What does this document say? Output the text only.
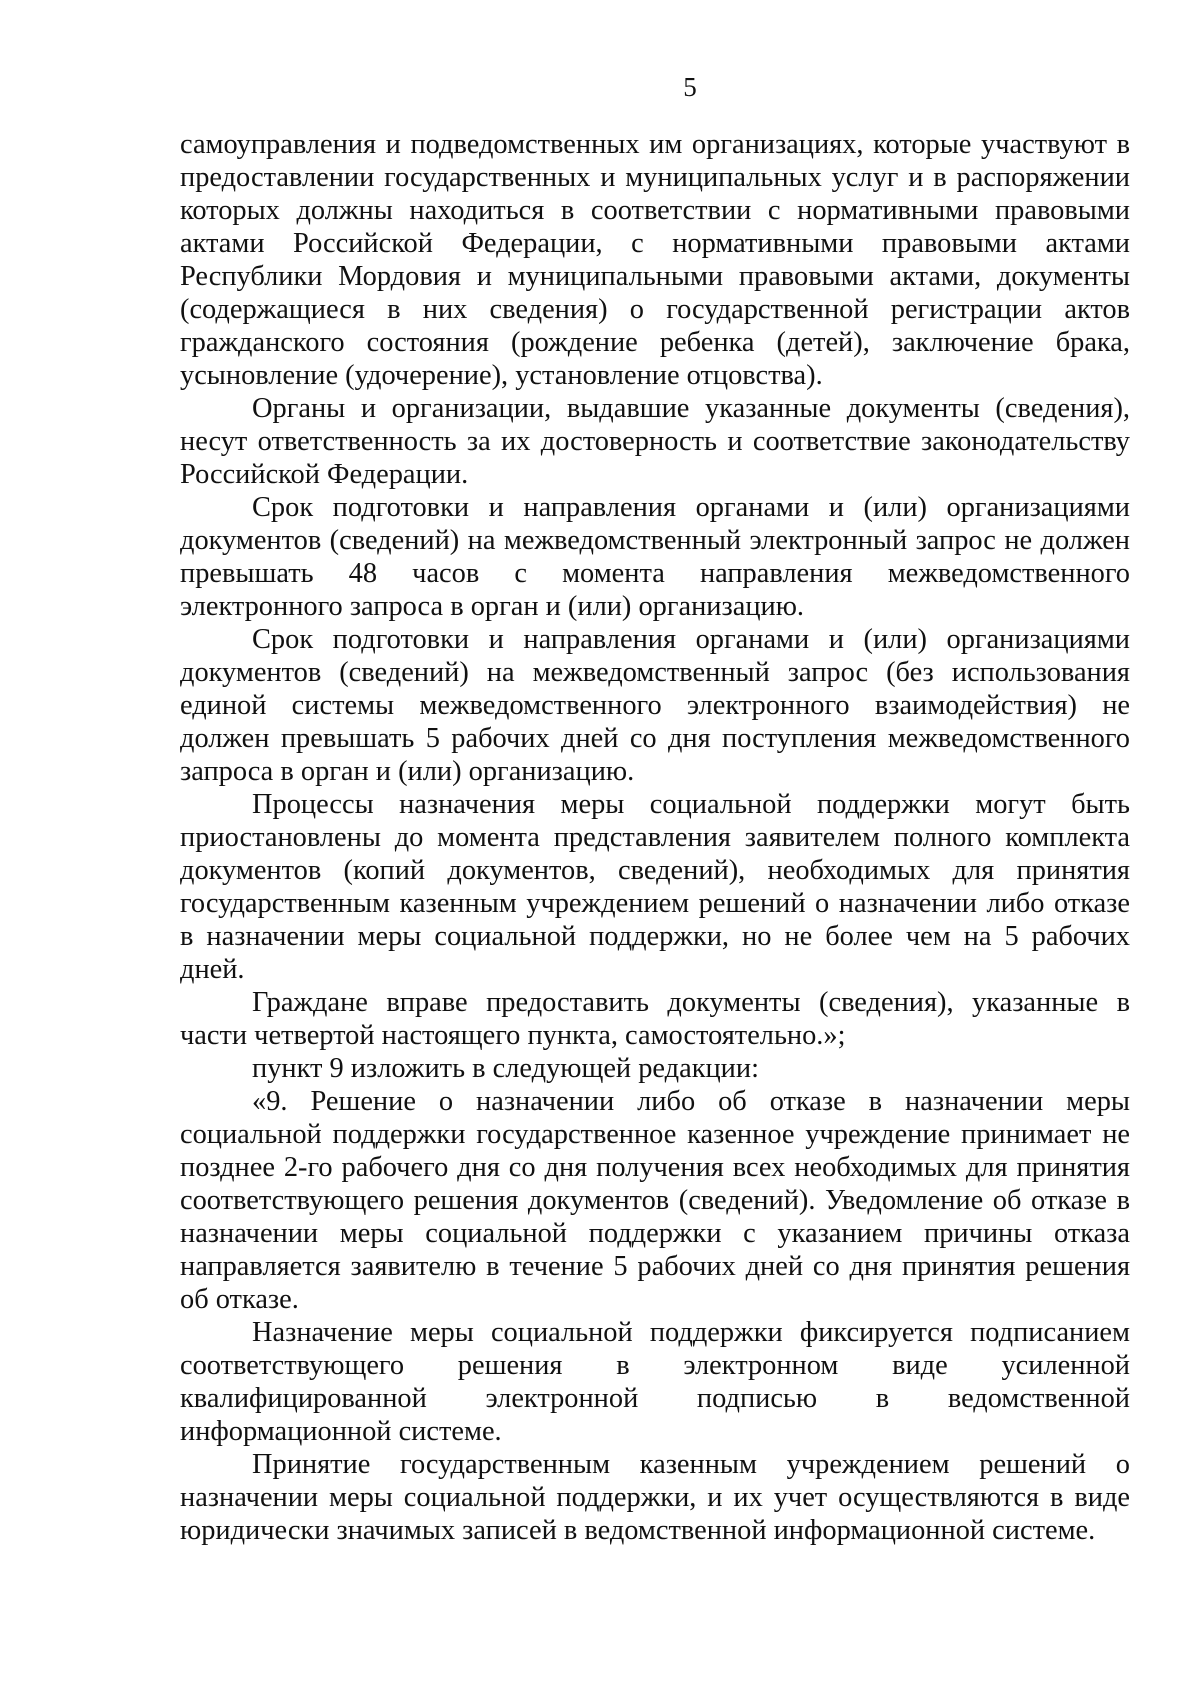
5

самоуправления и подведомственных им организациях, которые участвуют в предоставлении государственных и муниципальных услуг и в распоряжении которых должны находиться в соответствии с нормативными правовыми актами Российской Федерации, с нормативными правовыми актами Республики Мордовия и муниципальными правовыми актами, документы (содержащиеся в них сведения) о государственной регистрации актов гражданского состояния (рождение ребенка (детей), заключение брака, усыновление (удочерение), установление отцовства).

Органы и организации, выдавшие указанные документы (сведения), несут ответственность за их достоверность и соответствие законодательству Российской Федерации.

Срок подготовки и направления органами и (или) организациями документов (сведений) на межведомственный электронный запрос не должен превышать 48 часов с момента направления межведомственного электронного запроса в орган и (или) организацию.

Срок подготовки и направления органами и (или) организациями документов (сведений) на межведомственный запрос (без использования единой системы межведомственного электронного взаимодействия) не должен превышать 5 рабочих дней со дня поступления межведомственного запроса в орган и (или) организацию.

Процессы назначения меры социальной поддержки могут быть приостановлены до момента представления заявителем полного комплекта документов (копий документов, сведений), необходимых для принятия государственным казенным учреждением решений о назначении либо отказе в назначении меры социальной поддержки, но не более чем на 5 рабочих дней.

Граждане вправе предоставить документы (сведения), указанные в части четвертой настоящего пункта, самостоятельно.»;

пункт 9 изложить в следующей редакции:

«9. Решение о назначении либо об отказе в назначении меры социальной поддержки государственное казенное учреждение принимает не позднее 2-го рабочего дня со дня получения всех необходимых для принятия соответствующего решения документов (сведений). Уведомление об отказе в назначении меры социальной поддержки с указанием причины отказа направляется заявителю в течение 5 рабочих дней со дня принятия решения об отказе.

Назначение меры социальной поддержки фиксируется подписанием соответствующего решения в электронном виде усиленной квалифицированной электронной подписью в ведомственной информационной системе.

Принятие государственным казенным учреждением решений о назначении меры социальной поддержки, и их учет осуществляются в виде юридически значимых записей в ведомственной информационной системе.
